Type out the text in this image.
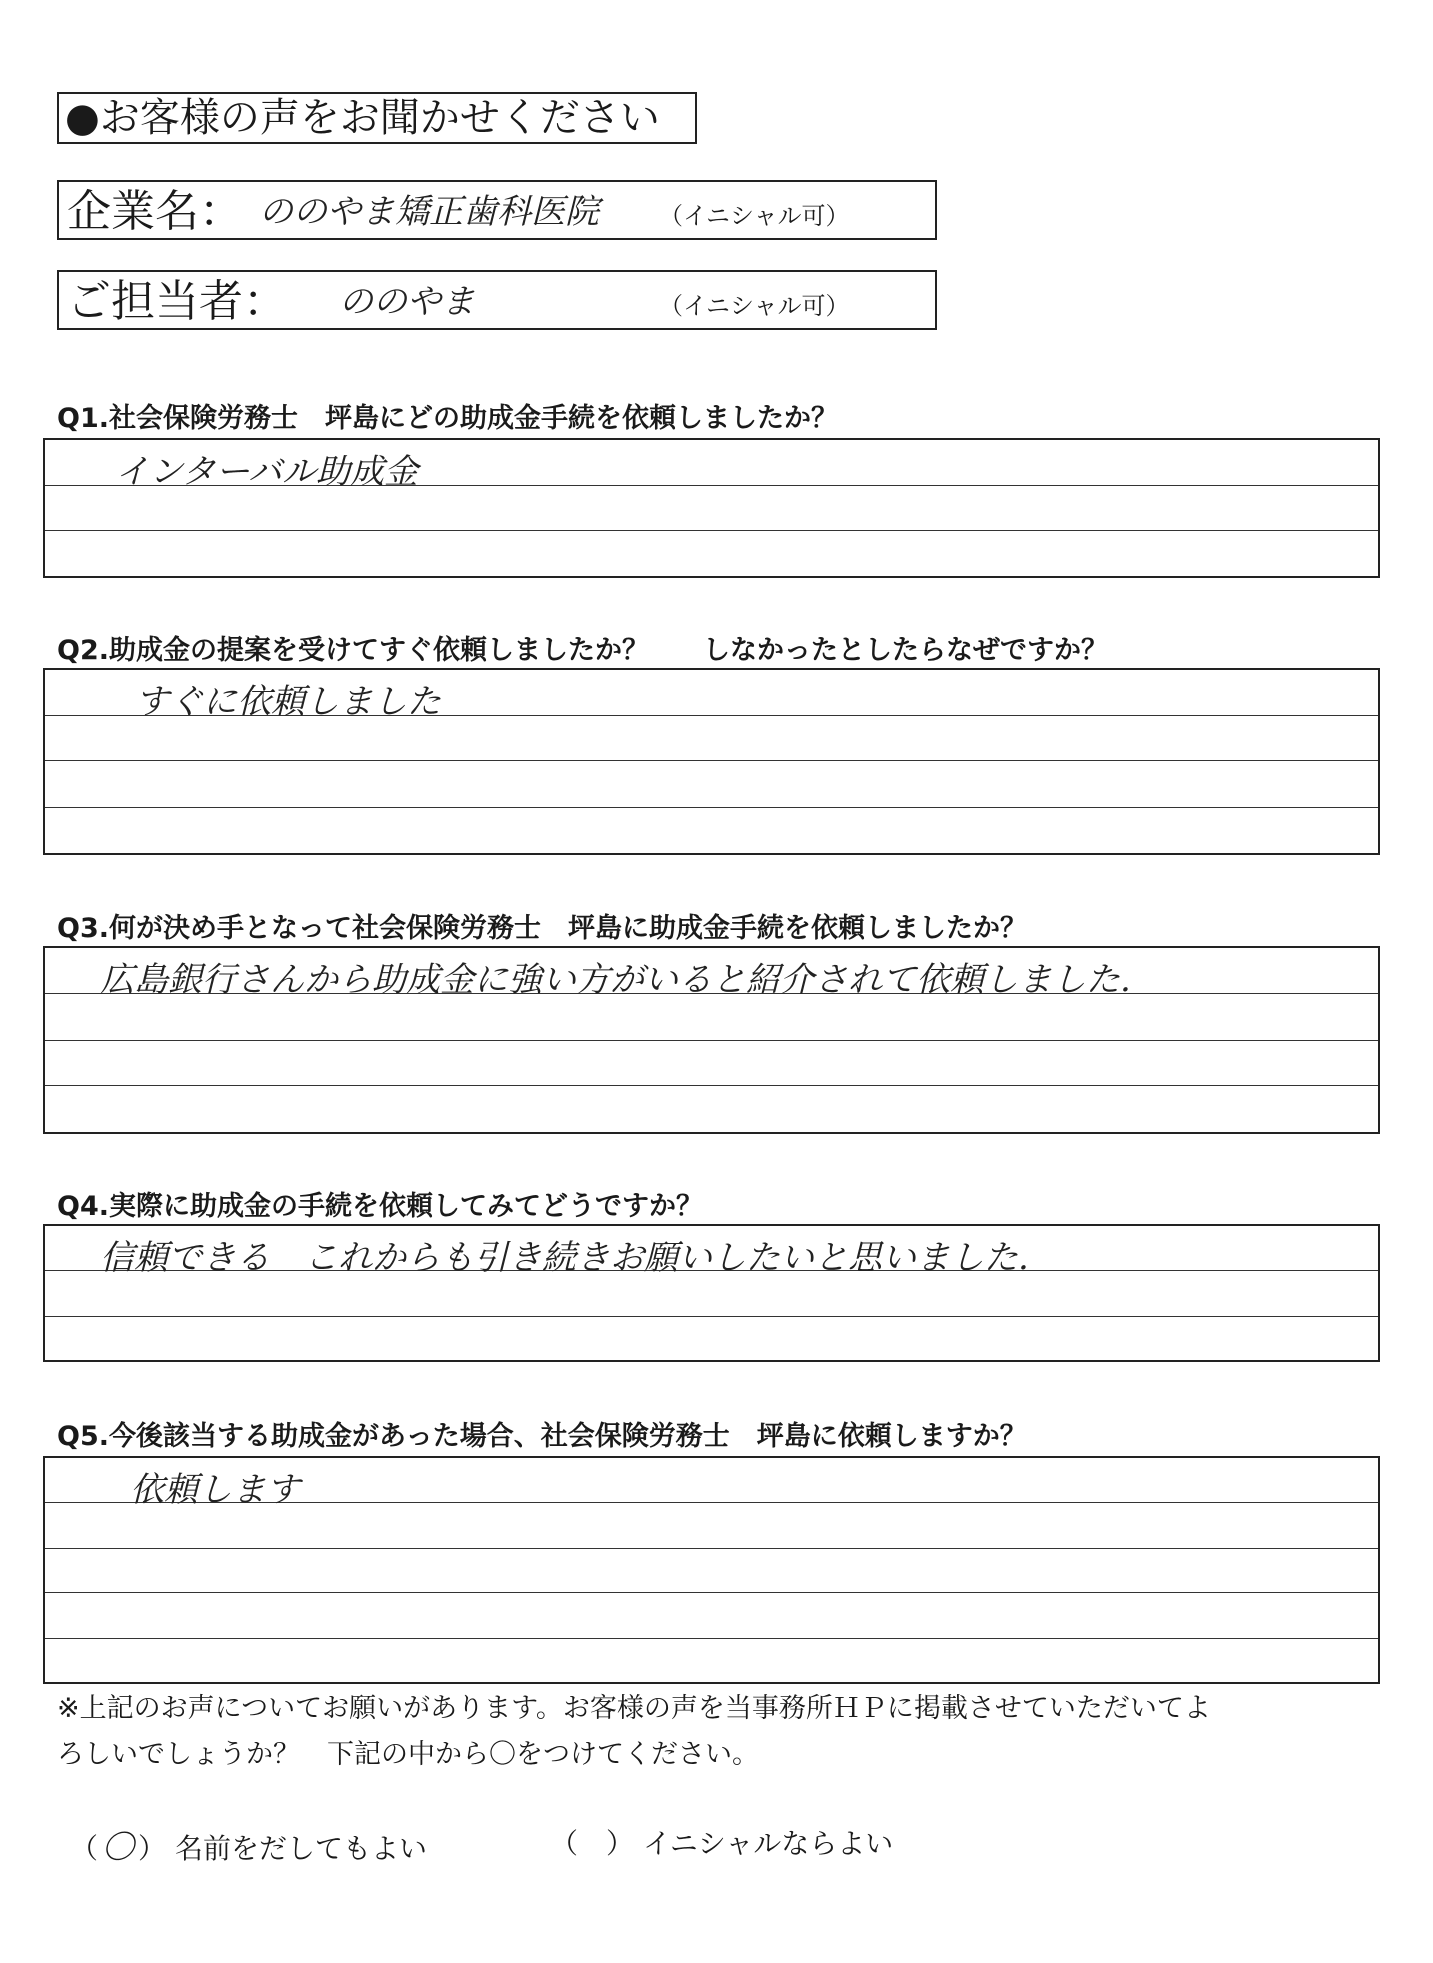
●お客様の声をお聞かせください
企業名： ののやま矯正歯科医院	（イニシャル可）
ご担当者： ののやま	（イニシャル可）
Q1.社会保険労務士　坪島にどの助成金手続を依頼しましたか？
インターバル助成金
Q2.助成金の提案を受けてすぐ依頼しましたか？　　しなかったとしたらなぜですか？
すぐに依頼しました
Q3.何が決め手となって社会保険労務士　坪島に助成金手続を依頼しましたか？
広島銀行さんから助成金に強い方がいると紹介されて依頼しました.
Q4.実際に助成金の手続を依頼してみてどうですか？
信頼できる　これからも引き続きお願いしたいと思いました.
Q5.今後該当する助成金があった場合、社会保険労務士　坪島に依頼しますか？
依頼します
※上記のお声についてお願いがあります。お客様の声を当事務所ＨＰに掲載させていただいてよ
ろしいでしょうか？　下記の中から〇をつけてください。
（ 〇 ） 名前をだしてもよい	（ ） イニシャルならよい
